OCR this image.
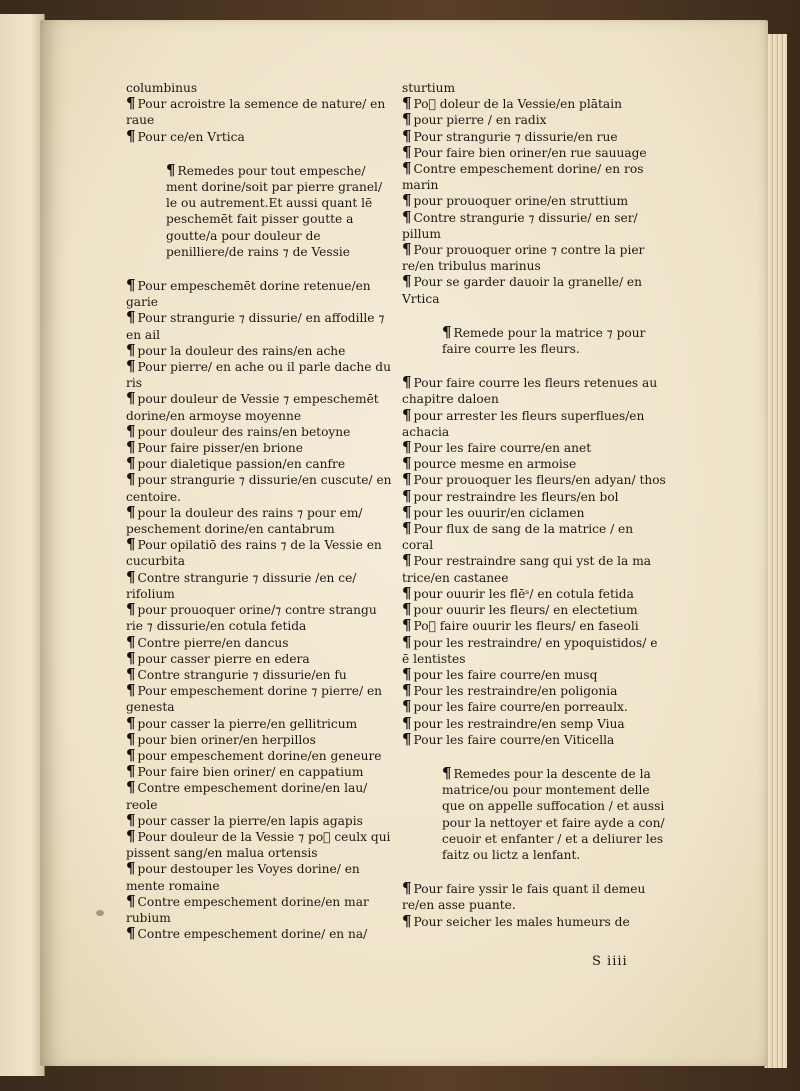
columbinus

¶ Pour acroistre la semence de nature/ en raue

¶ Pour ce/en Vrtica

¶ Remedes pour tout empesche/ ment dorine/soit par pierre granel/ le ou autrement.Et aussi quant lē peschemēt fait pisser goutte a goutte/a pour douleur de penilliere/de rains ⁊ de Vessie

¶ Pour empeschemēt dorine retenue/en garie

¶ Pour strangurie ⁊ dissurie/ en affodille ⁊ en ail

¶ pour la douleur des rains/en ache

¶ Pour pierre/ en ache ou il parle dache du ris

¶ pour douleur de Vessie ⁊ empeschemēt dorine/en armoyse moyenne

¶ pour douleur des rains/en betoyne

¶ Pour faire pisser/en brione

¶ pour dialetique passion/en canfre

¶ pour strangurie ⁊ dissurie/en cuscute/ en centoire.

¶ pour la douleur des rains ⁊ pour em/ peschement dorine/en cantabrum

¶ Pour opilatiō des rains ⁊ de la Vessie en cucurbita

¶ Contre strangurie ⁊ dissurie /en ce/ rifolium

¶ pour prouoquer orine/⁊ contre strangu rie ⁊ dissurie/en cotula fetida

¶ Contre pierre/en dancus

¶ pour casser pierre en edera

¶ Contre strangurie ⁊ dissurie/en fu

¶ Pour empeschement dorine ⁊ pierre/ en genesta

¶ pour casser la pierre/en gellitricum

¶ pour bien oriner/en herpillos

¶ pour empeschement dorine/en geneure

¶ Pour faire bien oriner/ en cappatium

¶ Contre empeschement dorine/en lau/ reole

¶ pour casser la pierre/en lapis agapis

¶ Pour douleur de la Vessie ⁊ poᷣ ceulx qui pissent sang/en malua ortensis

¶ pour destouper les Voyes dorine/ en mente romaine

¶ Contre empeschement dorine/en mar rubium

¶ Contre empeschement dorine/ en na/

sturtium

¶ Poᷣ doleur de la Vessie/en plātain

¶ pour pierre / en radix

¶ Pour strangurie ⁊ dissurie/en rue

¶ Pour faire bien oriner/en rue sauuage

¶ Contre empeschement dorine/ en ros marin

¶ pour prouoquer orine/en struttium

¶ Contre strangurie ⁊ dissurie/ en ser/ pillum

¶ Pour prouoquer orine ⁊ contre la pier re/en tribulus marinus

¶ Pour se garder dauoir la granelle/ en Vrtica

¶ Remede pour la matrice ⁊ pour faire courre les fleurs.

¶ Pour faire courre les fleurs retenues au chapitre daloen

¶ pour arrester les fleurs superflues/en achacia

¶ Pour les faire courre/en anet

¶ pource mesme en armoise

¶ Pour prouoquer les fleurs/en adyan/ thos

¶ pour restraindre les fleurs/en bol

¶ pour les ouurir/en ciclamen

¶ Pour flux de sang de la matrice / en coral

¶ Pour restraindre sang qui yst de la ma trice/en castanee

¶ pour ouurir les flēˢ/ en cotula fetida

¶ pour ouurir les fleurs/ en electetium

¶ Poᷣ faire ouurir les fleurs/ en faseoli

¶ pour les restraindre/ en ypoquistidos/ e ē lentistes

¶ pour les faire courre/en musq

¶ Pour les restraindre/en poligonia

¶ pour les faire courre/en porreaulx.

¶ pour les restraindre/en semp Viua

¶ Pour les faire courre/en Viticella

¶ Remedes pour la descente de la matrice/ou pour montement delle que on appelle suffocation / et aussi pour la nettoyer et faire ayde a con/ ceuoir et enfanter / et a deliurer les faitz ou lictz a lenfant.

¶ Pour faire yssir le fais quant il demeu re/en asse puante.

¶ Pour seicher les males humeurs de

S iiii
